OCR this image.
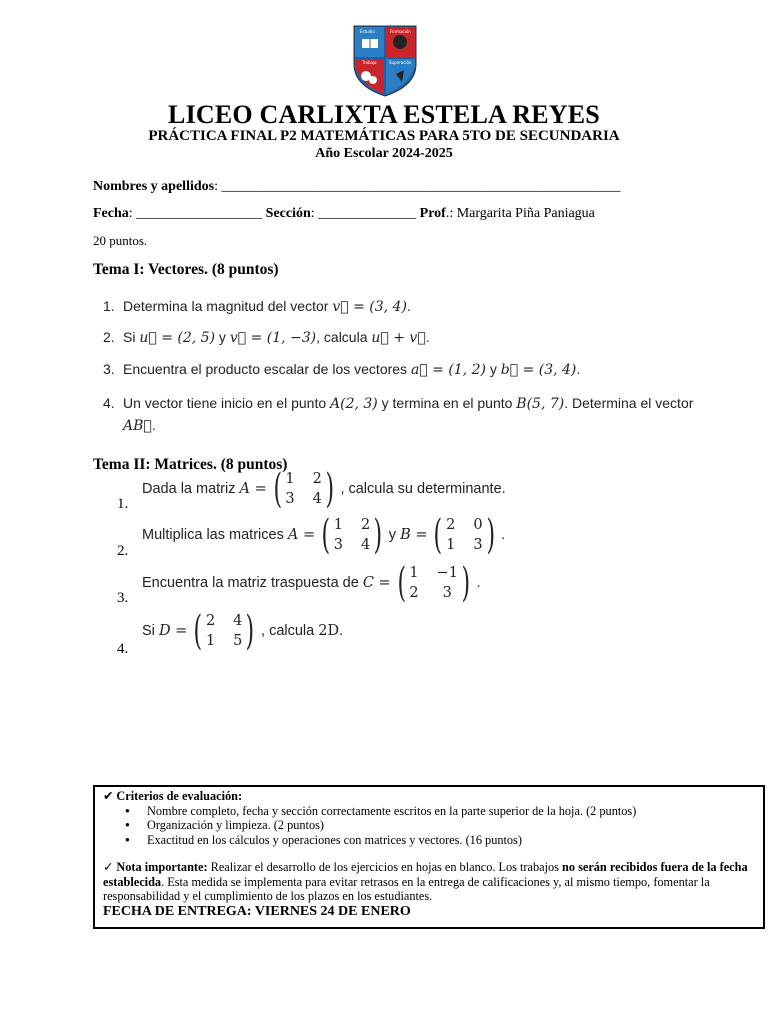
Estudio	Formación
Trabajo	Superación
LICEO CARLIXTA ESTELA REYES
PRÁCTICA FINAL P2 MATEMÁTICAS PARA 5TO DE SECUNDARIA
Año Escolar 2024-2025
Nombres y apellidos: _________________________________________________________
Fecha: __________________ Sección: ______________ Prof.: Margarita Piña Paniagua
20 puntos.
Tema I: Vectores. (8 puntos)
1. Determina la magnitud del vector v⃗ = (3, 4).
2. Si u⃗ = (2, 5) y v⃗ = (1, −3), calcula u⃗ + v⃗.
3. Encuentra el producto escalar de los vectores a⃗ = (1, 2) y b⃗ = (3, 4).
4. Un vector tiene inicio en el punto A(2, 3) y termina en el punto B(5, 7). Determina el vector
AB⃗.
Tema II: Matrices. (8 puntos)
1.
Dada la matriz
A = ( 1 2
3 4 ) , calcula su determinante.
2.
Multiplica las matrices
A = ( 1 2
3 4 ) y
B = ( 2 0
1 3 ) .
3.
Encuentra la matriz traspuesta de
C = ( 1 −1
2	3 ) .
4.
Si
D = ( 2 4
1 5 ) , calcula
2D .
✔ Criterios de evaluación:
● Nombre completo, fecha y sección correctamente escritos en la parte superior de la hoja. (2 puntos)
● Organización y limpieza. (2 puntos)
● Exactitud en los cálculos y operaciones con matrices y vectores. (16 puntos)
✓ Nota importante: Realizar el desarrollo de los ejercicios en hojas en blanco. Los trabajos no serán recibidos fuera de la fecha establecida. Esta medida se implementa para evitar retrasos en la entrega de calificaciones y, al mismo tiempo, fomentar la responsabilidad y el cumplimiento de los plazos en los estudiantes.
FECHA DE ENTREGA: VIERNES 24 DE ENERO
